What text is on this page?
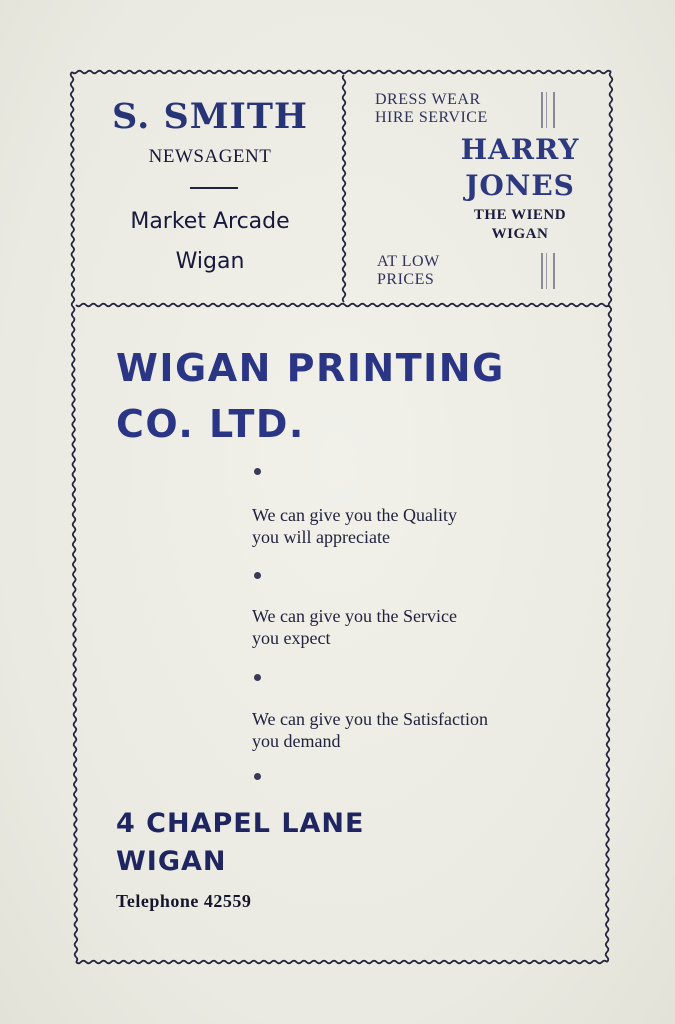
S. SMITH
NEWSAGENT
Market Arcade
Wigan
DRESS WEAR
HIRE SERVICE
HARRY
JONES
THE WIEND
WIGAN
AT LOW
PRICES
WIGAN PRINTING
CO. LTD.
We can give you the Quality
you will appreciate
We can give you the Service
you expect
We can give you the Satisfaction
you demand
4 CHAPEL LANE
WIGAN
Telephone 42559
